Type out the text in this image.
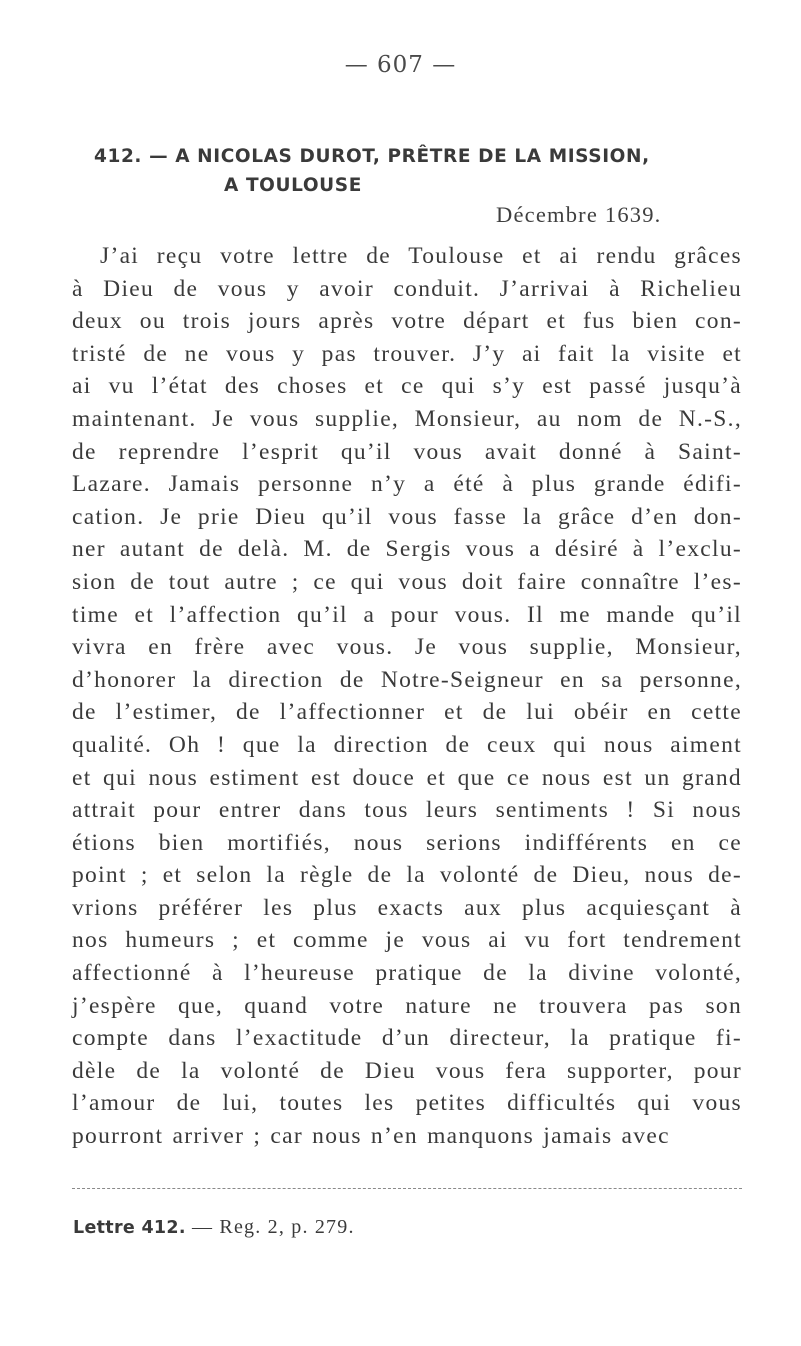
— 607 —
412. — A NICOLAS DUROT, PRÊTRE DE LA MISSION,
A TOULOUSE
Décembre 1639.
J’ai reçu votre lettre de Toulouse et ai rendu grâces
à Dieu de vous y avoir conduit. J’arrivai à Richelieu
deux ou trois jours après votre départ et fus bien con-
tristé de ne vous y pas trouver. J’y ai fait la visite et
ai vu l’état des choses et ce qui s’y est passé jusqu’à
maintenant. Je vous supplie, Monsieur, au nom de N.-S.,
de reprendre l’esprit qu’il vous avait donné à Saint-
Lazare. Jamais personne n’y a été à plus grande édifi-
cation. Je prie Dieu qu’il vous fasse la grâce d’en don-
ner autant de delà. M. de Sergis vous a désiré à l’exclu-
sion de tout autre ; ce qui vous doit faire connaître l’es-
time et l’affection qu’il a pour vous. Il me mande qu’il
vivra en frère avec vous. Je vous supplie, Monsieur,
d’honorer la direction de Notre-Seigneur en sa personne,
de l’estimer, de l’affectionner et de lui obéir en cette
qualité. Oh ! que la direction de ceux qui nous aiment
et qui nous estiment est douce et que ce nous est un grand
attrait pour entrer dans tous leurs sentiments ! Si nous
étions bien mortifiés, nous serions indifférents en ce
point ; et selon la règle de la volonté de Dieu, nous de-
vrions préférer les plus exacts aux plus acquiesçant à
nos humeurs ; et comme je vous ai vu fort tendrement
affectionné à l’heureuse pratique de la divine volonté,
j’espère que, quand votre nature ne trouvera pas son
compte dans l’exactitude d’un directeur, la pratique fi-
dèle de la volonté de Dieu vous fera supporter, pour
l’amour de lui, toutes les petites difficultés qui vous
pourront arriver ; car nous n’en manquons jamais avec
Lettre 412. — Reg. 2, p. 279.
